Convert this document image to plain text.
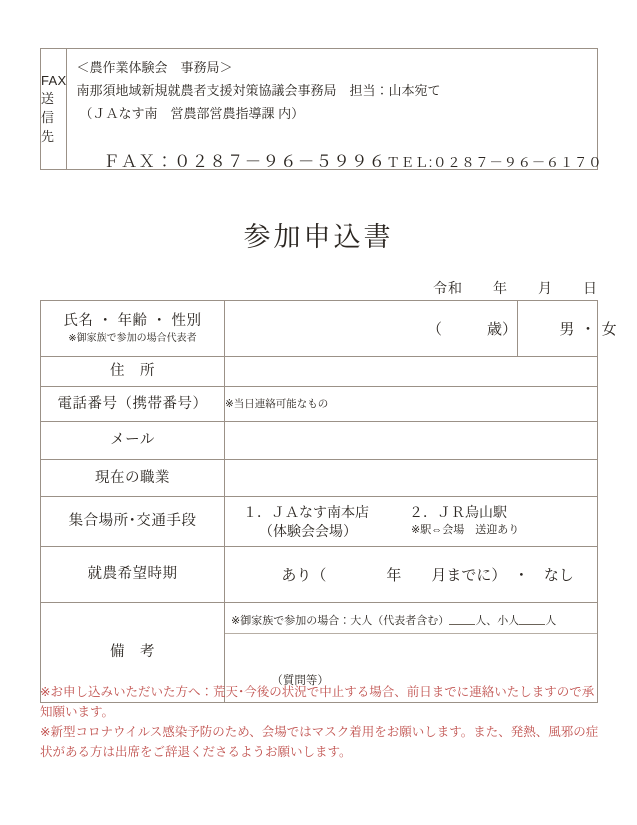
FAX送信先
＜農作業体験会　事務局＞
南那須地域新規就農者支援対策協議会事務局　担当：山本宛て
（ＪＡなす南　営農部営農指導課 内）

ＦＡＸ：０２８７－９６－５９９６ＴＥＬ:０２８７－９６－６１７０

参加申込書
令和　　年　　月　　日
氏名 ・ 年齢 ・ 性別
※御家族で参加の場合代表者	（　　　歳）	男 ・ 女

住　所		
電話番号（携帯番号）	※当日連絡可能なもの	
メール		
現在の職業		
集合場所･交通手段	１．ＪＡなす南本店
（体験会会場）
２．ＪＲ烏山駅
※駅⇔会場　送迎あり	

就農希望時期	あり（　　　　年　　月までに）　・　なし	

備　考	※御家族で参加の場合：大人（代表者含む） 人、小人 人

（質問等）	

※お申し込みいただいた方へ：荒天･今後の状況で中止する場合、前日までに連絡いたしますので承知願います。

※新型コロナウイルス感染予防のため、会場ではマスク着用をお願いします。また、発熱、風邪の症状がある方は出席をご辞退くださるようお願いします。
